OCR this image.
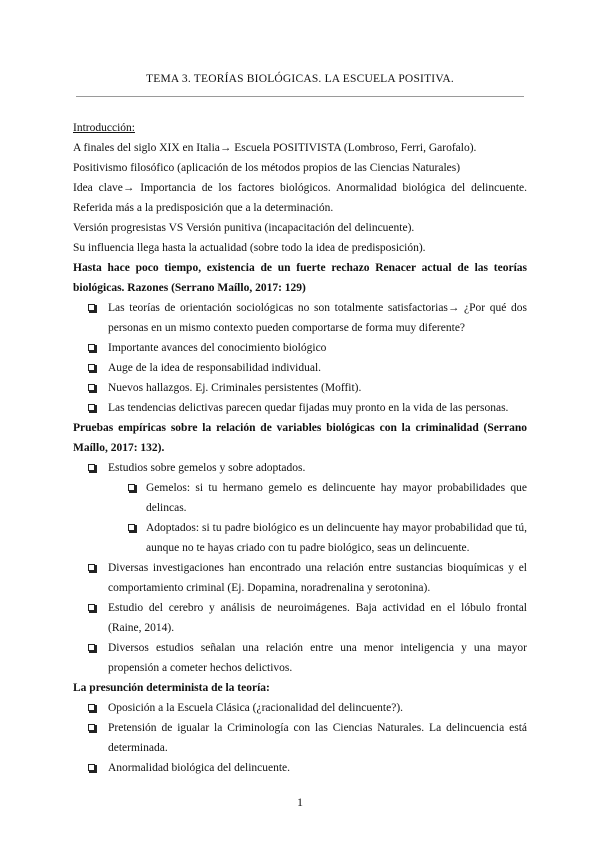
TEMA 3. TEORÍAS BIOLÓGICAS. LA ESCUELA POSITIVA.

Introducción:

A finales del siglo XIX en Italia→ Escuela POSITIVISTA (Lombroso, Ferri, Garofalo).

Positivismo filosófico (aplicación de los métodos propios de las Ciencias Naturales)

Idea clave→ Importancia de los factores biológicos. Anormalidad biológica del delincuente. Referida más a la predisposición que a la determinación.

Versión progresistas VS Versión punitiva (incapacitación del delincuente).

Su influencia llega hasta la actualidad (sobre todo la idea de predisposición).

Hasta hace poco tiempo, existencia de un fuerte rechazo Renacer actual de las teorías biológicas. Razones (Serrano Maíllo, 2017: 129)

Las teorías de orientación sociológicas no son totalmente satisfactorias→ ¿Por qué dos personas en un mismo contexto pueden comportarse de forma muy diferente?
Importante avances del conocimiento biológico
Auge de la idea de responsabilidad individual.
Nuevos hallazgos. Ej. Criminales persistentes (Moffit).
Las tendencias delictivas parecen quedar fijadas muy pronto en la vida de las personas.

Pruebas empíricas sobre la relación de variables biológicas con la criminalidad (Serrano Maíllo, 2017: 132).

Estudios sobre gemelos y sobre adoptados.
Gemelos: si tu hermano gemelo es delincuente hay mayor probabilidades que delincas.
Adoptados: si tu padre biológico es un delincuente hay mayor probabilidad que tú, aunque no te hayas criado con tu padre biológico, seas un delincuente.
Diversas investigaciones han encontrado una relación entre sustancias bioquímicas y el comportamiento criminal (Ej. Dopamina, noradrenalina y serotonina).
Estudio del cerebro y análisis de neuroimágenes. Baja actividad en el lóbulo frontal (Raine, 2014).
Diversos estudios señalan una relación entre una menor inteligencia y una mayor propensión a cometer hechos delictivos.

La presunción determinista de la teoría:

Oposición a la Escuela Clásica (¿racionalidad del delincuente?).
Pretensión de igualar la Criminología con las Ciencias Naturales. La delincuencia está determinada.
Anormalidad biológica del delincuente.
1
